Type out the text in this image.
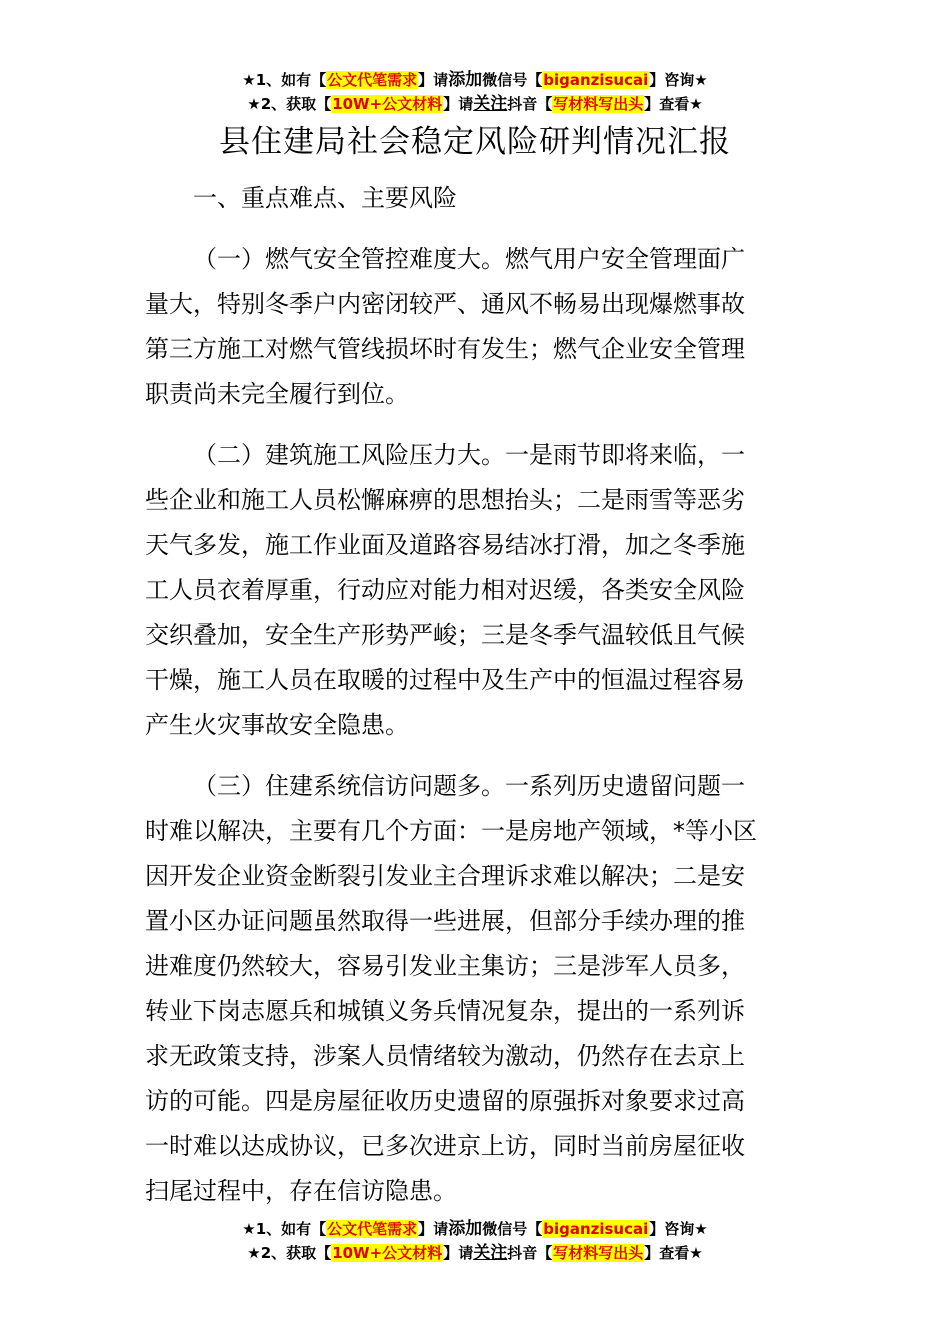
★1、如有【公文代笔需求】请添加微信号【biganzisucai】咨询★
★2、获取【10W+公文材料】请关注抖音【写材料写出头】查看★
县住建局社会稳定风险研判情况汇报

一、重点难点、主要风险

（一）燃气安全管控难度大。燃气用户安全管理面广
量大，特别冬季户内密闭较严、通风不畅易出现爆燃事故
第三方施工对燃气管线损坏时有发生；燃气企业安全管理
职责尚未完全履行到位。

（二）建筑施工风险压力大。一是雨节即将来临，一
些企业和施工人员松懈麻痹的思想抬头；二是雨雪等恶劣
天气多发，施工作业面及道路容易结冰打滑，加之冬季施
工人员衣着厚重，行动应对能力相对迟缓，各类安全风险
交织叠加，安全生产形势严峻；三是冬季气温较低且气候
干燥，施工人员在取暖的过程中及生产中的恒温过程容易
产生火灾事故安全隐患。

（三）住建系统信访问题多。一系列历史遗留问题一
时难以解决，主要有几个方面：一是房地产领域，*等小区
因开发企业资金断裂引发业主合理诉求难以解决；二是安
置小区办证问题虽然取得一些进展，但部分手续办理的推
进难度仍然较大，容易引发业主集访；三是涉军人员多，
转业下岗志愿兵和城镇义务兵情况复杂，提出的一系列诉
求无政策支持，涉案人员情绪较为激动，仍然存在去京上
访的可能。四是房屋征收历史遗留的原强拆对象要求过高
一时难以达成协议，已多次进京上访，同时当前房屋征收
扫尾过程中，存在信访隐患。

★1、如有【公文代笔需求】请添加微信号【biganzisucai】咨询★
★2、获取【10W+公文材料】请关注抖音【写材料写出头】查看★
